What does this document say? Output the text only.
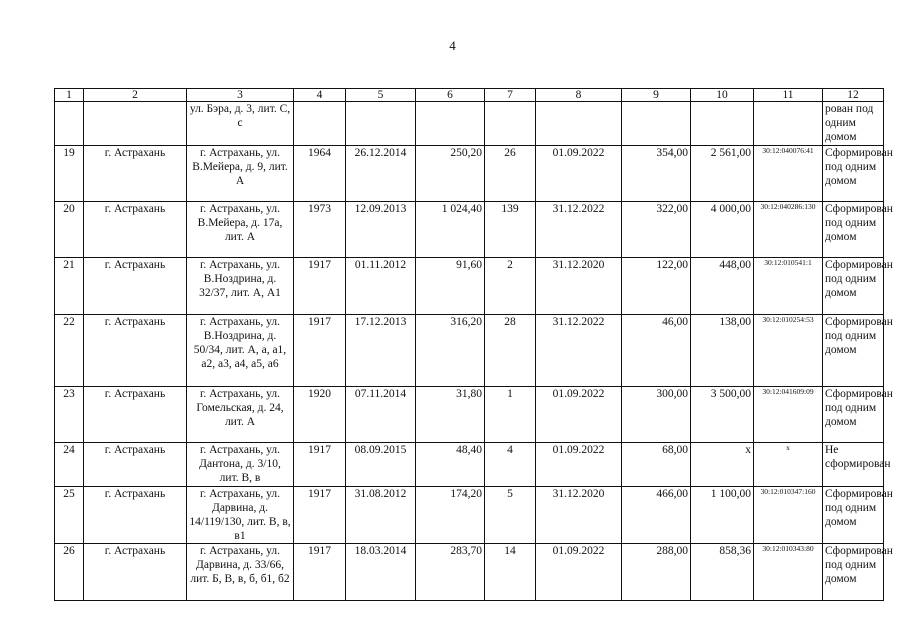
4
1	2	3	4	5	6	7	8	9	10	11	12
		ул. Бэра, д. 3, лит. С, с									рован под одним домом
19	г. Астрахань	г. Астрахань, ул. В.Мейера, д. 9, лит. А	1964	26.12.2014	250,20	26	01.09.2022	354,00	2 561,00	30:12:040076:41	Сформирован под одним домом
20	г. Астрахань	г. Астрахань, ул. В.Мейера, д. 17а, лит. А	1973	12.09.2013	1 024,40	139	31.12.2022	322,00	4 000,00	30:12:040286:130	Сформирован под одним домом
21	г. Астрахань	г. Астрахань, ул. В.Ноздрина, д. 32/37, лит. А, А1	1917	01.11.2012	91,60	2	31.12.2020	122,00	448,00	30:12:010541:1	Сформирован под одним домом
22	г. Астрахань	г. Астрахань, ул. В.Ноздрина, д. 50/34, лит. А, а, а1, а2, а3, а4, а5, а6	1917	17.12.2013	316,20	28	31.12.2022	46,00	138,00	30:12:010254:53	Сформирован под одним домом
23	г. Астрахань	г. Астрахань, ул. Гомельская, д. 24, лит. А	1920	07.11.2014	31,80	1	01.09.2022	300,00	3 500,00	30:12:041609:09	Сформирован под одним домом
24	г. Астрахань	г. Астрахань, ул. Дантона, д. 3/10, лит. В, в	1917	08.09.2015	48,40	4	01.09.2022	68,00	х	х	Не сформирован
25	г. Астрахань	г. Астрахань, ул. Дарвина, д. 14/119/130, лит. В, в, в1	1917	31.08.2012	174,20	5	31.12.2020	466,00	1 100,00	30:12:010347:160	Сформирован под одним домом
26	г. Астрахань	г. Астрахань, ул. Дарвина, д. 33/66, лит. Б, В, в, б, б1, б2	1917	18.03.2014	283,70	14	01.09.2022	288,00	858,36	30:12:010343:80	Сформирован под одним домом
